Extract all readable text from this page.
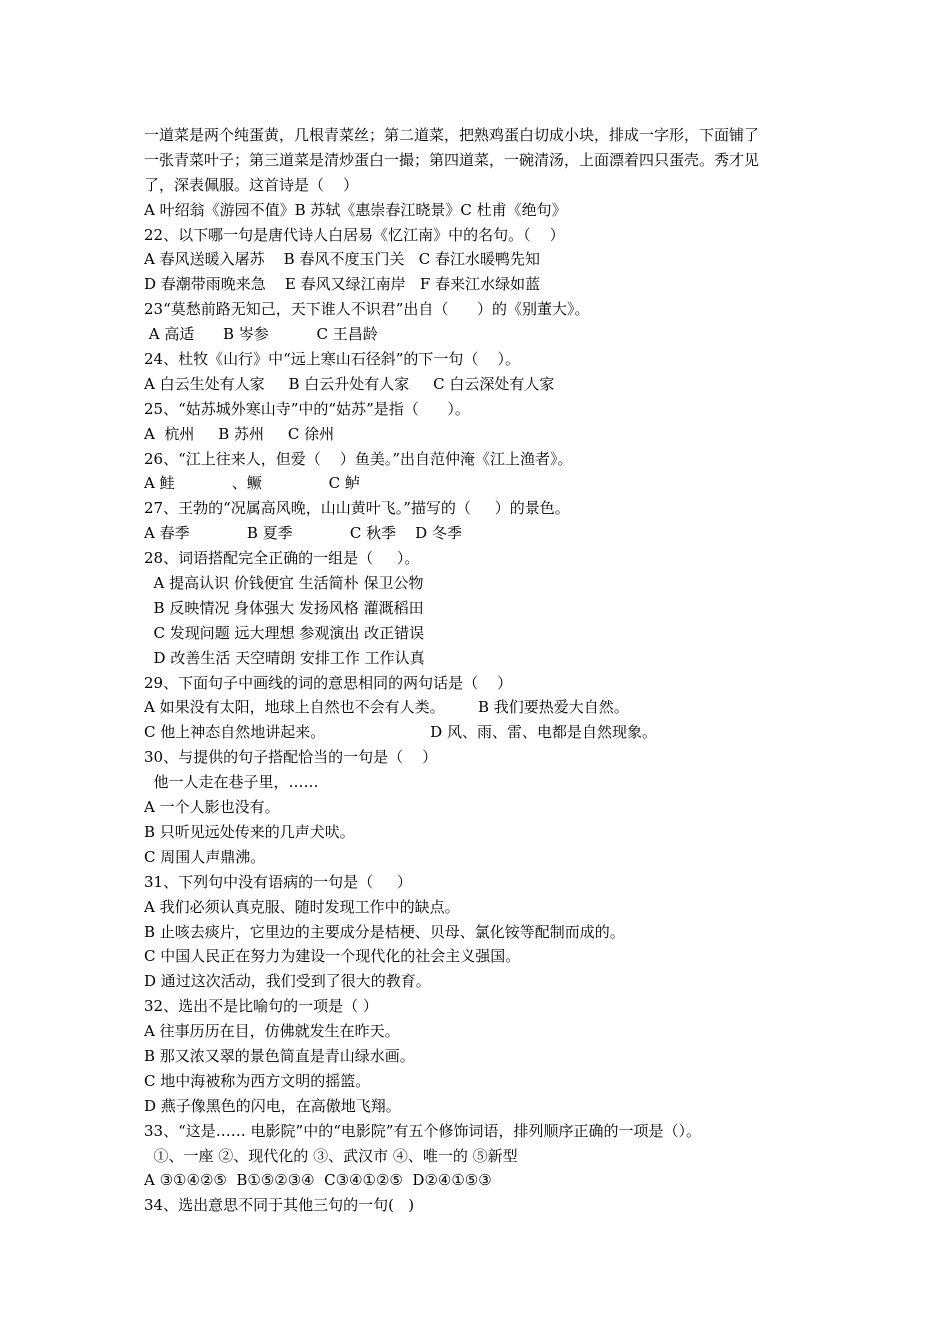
一道菜是两个纯蛋黄，几根青菜丝；第二道菜，把熟鸡蛋白切成小块，排成一字形，下面铺了
一张青菜叶子；第三道菜是清炒蛋白一撮；第四道菜，一碗清汤，上面漂着四只蛋壳。秀才见
了，深表佩服。这首诗是（    ）
A 叶绍翁《游园不值》B 苏轼《惠崇春江晓景》C 杜甫《绝句》
22、以下哪一句是唐代诗人白居易《忆江南》中的名句。（    ）
A 春风送暖入屠苏    B 春风不度玉门关   C 春江水暖鸭先知
D 春潮带雨晚来急    E 春风又绿江南岸   F 春来江水绿如蓝
23“莫愁前路无知己，天下谁人不识君”出自（      ）的《别董大》。
A 高适      B 岑参          C 王昌龄
24、杜牧《山行》中“远上寒山石径斜”的下一句（    ）。
A 白云生处有人家     B 白云升处有人家     C 白云深处有人家
25、“姑苏城外寒山寺”中的“姑苏”是指（      ）。
A  杭州     B 苏州     C 徐州
26、“江上往来人，但爱（    ）鱼美。”出自范仲淹《江上渔者》。
A 鲑            、鳜              C 鲈
27、王勃的“况属高风晚，山山黄叶飞。”描写的（     ）的景色。
A 春季            B 夏季            C 秋季    D 冬季
28、词语搭配完全正确的一组是（     ）。
A 提高认识 价钱便宜 生活简朴 保卫公物
B 反映情况 身体强大 发扬风格 灌溉稻田
C 发现问题 远大理想 参观演出 改正错误
D 改善生活 天空晴朗 安排工作 工作认真
29、下面句子中画线的词的意思相同的两句话是（    ）
A 如果没有太阳，地球上自然也不会有人类。       B 我们要热爱大自然。
C 他上神态自然地讲起来。                      D 风、雨、雷、电都是自然现象。
30、与提供的句子搭配恰当的一句是（    ）
他一人走在巷子里，……
A 一个人影也没有。
B 只听见远处传来的几声犬吠。
C 周围人声鼎沸。
31、下列句中没有语病的一句是（     ）
A 我们必须认真克服、随时发现工作中的缺点。
B 止咳去痰片，它里边的主要成分是桔梗、贝母、氯化铵等配制而成的。
C 中国人民正在努力为建设一个现代化的社会主义强国。
D 通过这次活动，我们受到了很大的教育。
32、选出不是比喻句的一项是（ ）
A 往事历历在目，仿佛就发生在昨天。
B 那又浓又翠的景色简直是青山绿水画。
C 地中海被称为西方文明的摇篮。
D 燕子像黑色的闪电，在高傲地飞翔。
33、“这是…… 电影院”中的“电影院”有五个修饰词语，排列顺序正确的一项是（）。
①、一座 ②、现代化的 ③、武汉市 ④、唯一的 ⑤新型
A ③①④②⑤  B①⑤②③④  C③④①②⑤  D②④①⑤③
34、选出意思不同于其他三句的一句(   )
